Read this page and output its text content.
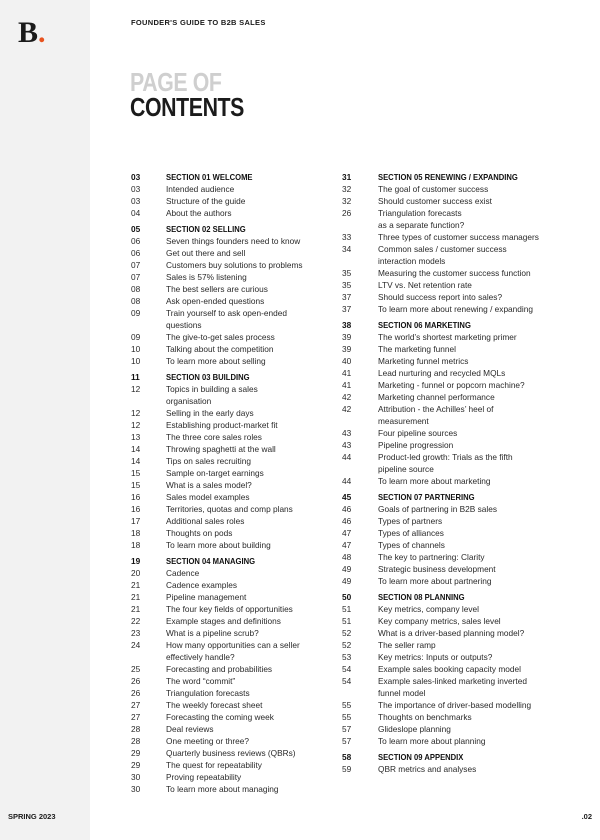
B.
SPRING 2023
FOUNDER'S GUIDE TO B2B SALES
PAGE OF
CONTENTS
03	SECTION 01 WELCOME
03	Intended audience
03	Structure of the guide
04	About the authors
05	SECTION 02 SELLING
06	Seven things founders need to know
06	Get out there and sell
07	Customers buy solutions to problems
07	Sales is 57% listening
08	The best sellers are curious
08	Ask open-ended questions
09	Train yourself to ask open-ended
questions
09	The give-to-get sales process
10	Talking about the competition
10	To learn more about selling
11	SECTION 03 BUILDING
12	Topics in building a sales
organisation
12	Selling in the early days
12	Establishing product-market fit
13	The three core sales roles
14	Throwing spaghetti at the wall
14	Tips on sales recruiting
15	Sample on-target earnings
15	What is a sales model?
16	Sales model examples
16	Territories, quotas and comp plans
17	Additional sales roles
18	Thoughts on pods
18	To learn more about building
19	SECTION 04 MANAGING
20	Cadence
21	Cadence examples
21	Pipeline management
21	The four key fields of opportunities
22	Example stages and definitions
23	What is a pipeline scrub?
24	How many opportunities can a seller
effectively handle?
25	Forecasting and probabilities
26	The word “commit”
26	Triangulation forecasts
27	The weekly forecast sheet
27	Forecasting the coming week
28	Deal reviews
28	One meeting or three?
29	Quarterly business reviews (QBRs)
29	The quest for repeatability
30	Proving repeatability
30	To learn more about managing
31	SECTION 05 RENEWING / EXPANDING
32	The goal of customer success
32	Should customer success exist
26	Triangulation forecasts
as a separate function?
33	Three types of customer success managers
34	Common sales / customer success
interaction models
35	Measuring the customer success function
35	LTV vs. Net retention rate
37	Should success report into sales?
37	To learn more about renewing / expanding
38	SECTION 06 MARKETING
39	The world’s shortest marketing primer
39	The marketing funnel
40	Marketing funnel metrics
41	Lead nurturing and recycled MQLs
41	Marketing - funnel or popcorn machine?
42	Marketing channel performance
42	Attribution - the Achilles’ heel of
measurement
43	Four pipeline sources
43	Pipeline progression
44	Product-led growth: Trials as the fifth
pipeline source
44	To learn more about marketing
45	SECTION 07 PARTNERING
46	Goals of partnering in B2B sales
46	Types of partners
47	Types of alliances
47	Types of channels
48	The key to partnering: Clarity
49	Strategic business development
49	To learn more about partnering
50	SECTION 08 PLANNING
51	Key metrics, company level
51	Key company metrics, sales level
52	What is a driver-based planning model?
52	The seller ramp
53	Key metrics: Inputs or outputs?
54	Example sales booking capacity model
54	Example sales-linked marketing inverted
funnel model
55	The importance of driver-based modelling
55	Thoughts on benchmarks
57	Glideslope planning
57	To learn more about planning
58	SECTION 09 APPENDIX
59	QBR metrics and analyses
.02
